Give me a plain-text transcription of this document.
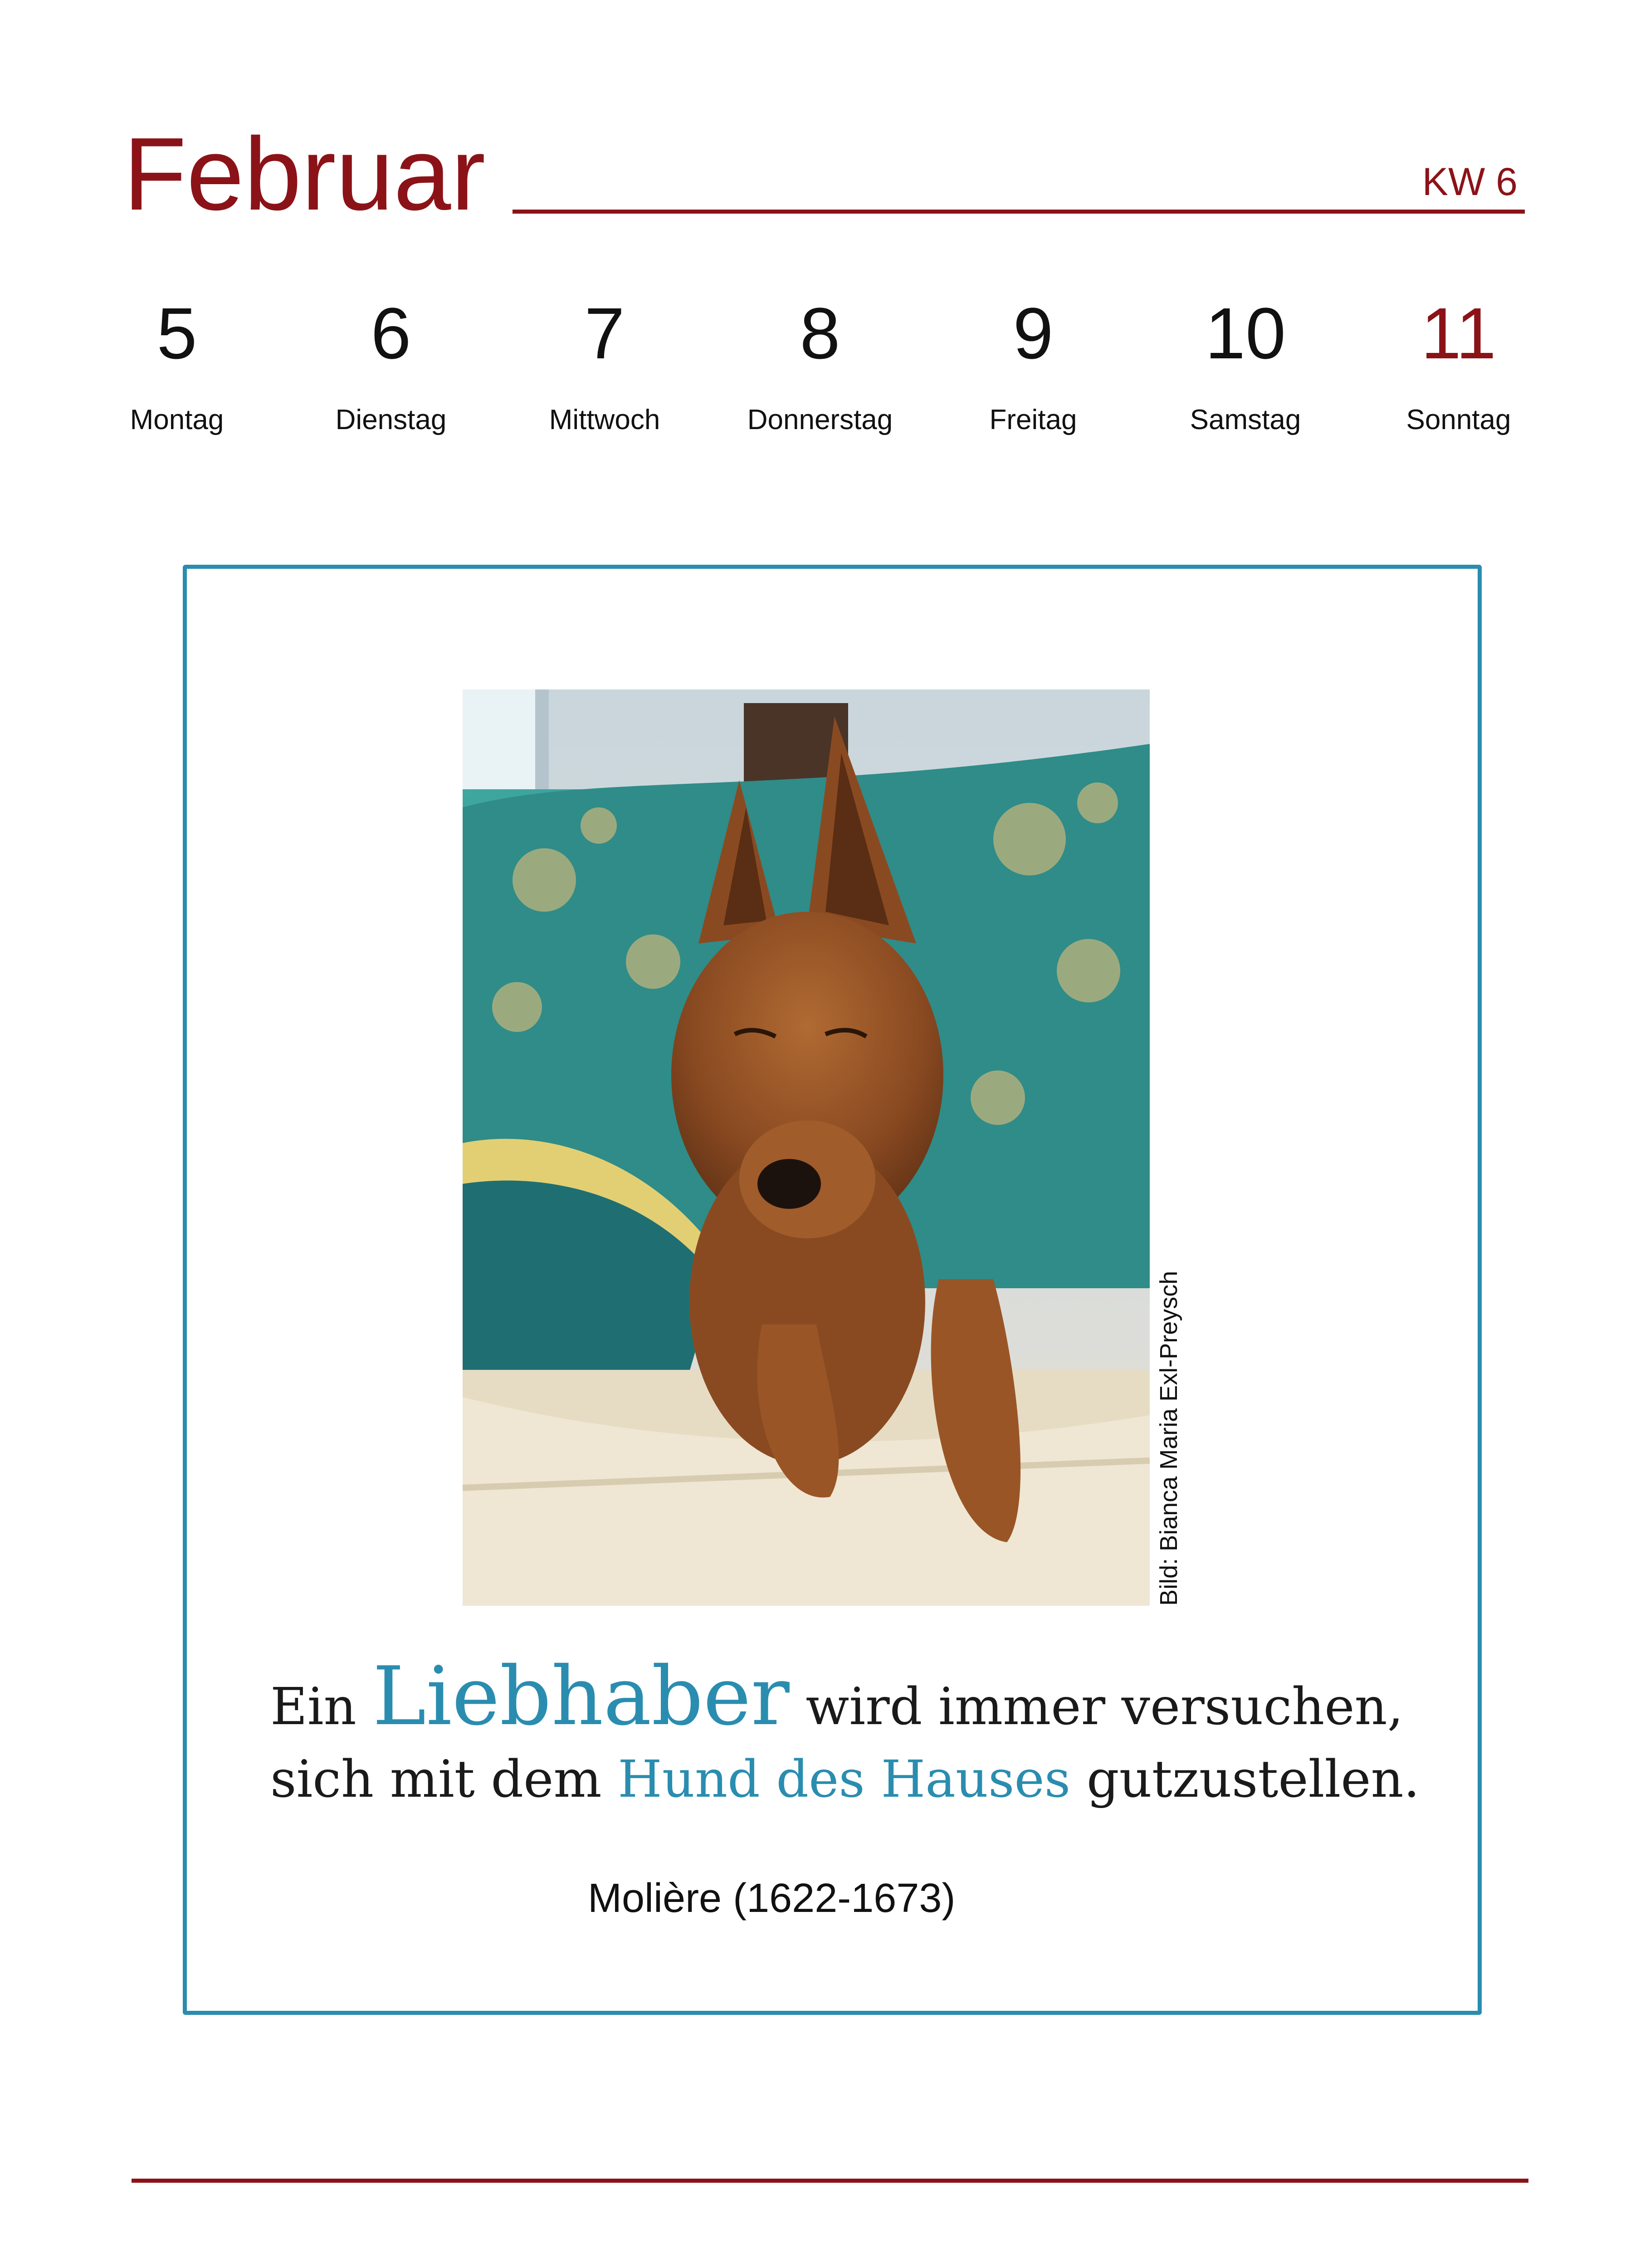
Februar	KW 6
5
Montag
6
Dienstag
7
Mittwoch
8
Donnerstag
9
Freitag
10
Samstag
11
Sonntag
Bild: Bianca Maria Exl-Preysch
Ein Liebhaber wird immer versuchen,
sich mit dem Hund des Hauses gutzustellen.
Molière (1622-1673)
